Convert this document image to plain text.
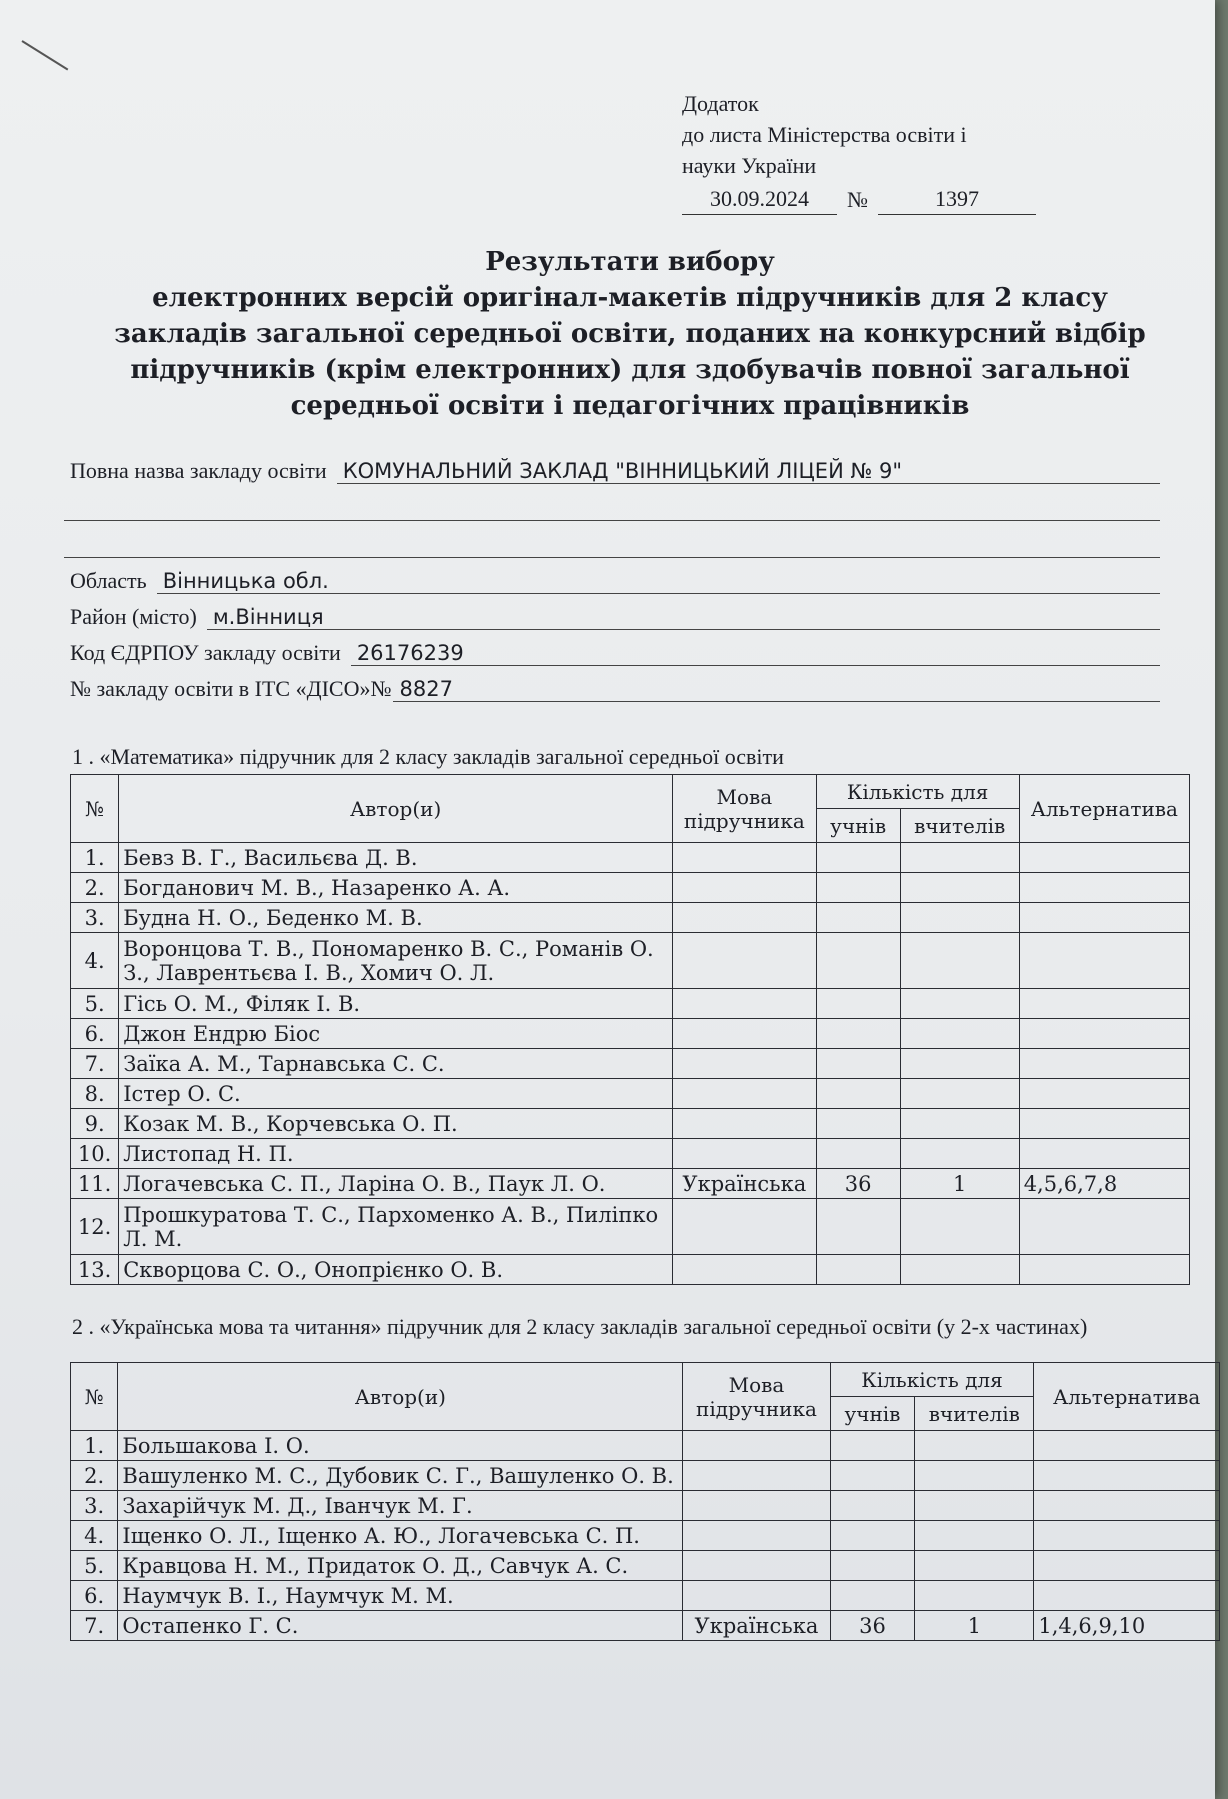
Додаток
до листа Міністерства освіти і
науки України
30.09.2024	№	1397
Результати вибору
електронних версій оригінал-макетів підручників для 2 класу
закладів загальної середньої освіти, поданих на конкурсний відбір
підручників (крім електронних) для здобувачів повної загальної
середньої освіти і педагогічних працівників
Повна назва закладу освіти КОМУНАЛЬНИЙ ЗАКЛАД "ВІННИЦЬКИЙ ЛІЦЕЙ № 9"
Область Вінницька обл.
Район (місто) м.Вінниця
Код ЄДРПОУ закладу освіти 26176239
№ закладу освіти в ІТС «ДІСО»№ 8827
1 . «Математика» підручник для 2 класу закладів загальної середньої освіти
№	Автор(и)	Мова підручника	Кількість для		Альтернатива
			учнів	вчителів	
1.	Бевз В. Г., Васильєва Д. В.				
2.	Богданович М. В., Назаренко А. А.				
3.	Будна Н. О., Беденко М. В.				
4.	Воронцова Т. В., Пономаренко В. С., Романів О. З., Лаврентьєва І. В., Хомич О. Л.				
5.	Гісь О. М., Філяк І. В.				
6.	Джон Ендрю Біос				
7.	Заїка А. М., Тарнавська С. С.				
8.	Істер О. С.				
9.	Козак М. В., Корчевська О. П.				
10.	Листопад Н. П.				
11.	Логачевська С. П., Ларіна О. В., Паук Л. О.	Українська	36	1	4,5,6,7,8
12.	Прошкуратова Т. С., Пархоменко А. В., Пиліпко Л. М.				
13.	Скворцова С. О., Онопрієнко О. В.				
2 . «Українська мова та читання» підручник для 2 класу закладів загальної середньої освіти (у 2-х частинах)
№	Автор(и)	Мова підручника	Кількість для		Альтернатива
			учнів	вчителів	
1.	Большакова І. О.				
2.	Вашуленко М. С., Дубовик С. Г., Вашуленко О. В.				
3.	Захарійчук М. Д., Іванчук М. Г.				
4.	Іщенко О. Л., Іщенко А. Ю., Логачевська С. П.				
5.	Кравцова Н. М., Придаток О. Д., Савчук А. С.				
6.	Наумчук В. І., Наумчук М. М.				
7.	Остапенко Г. С.	Українська	36	1	1,4,6,9,10
